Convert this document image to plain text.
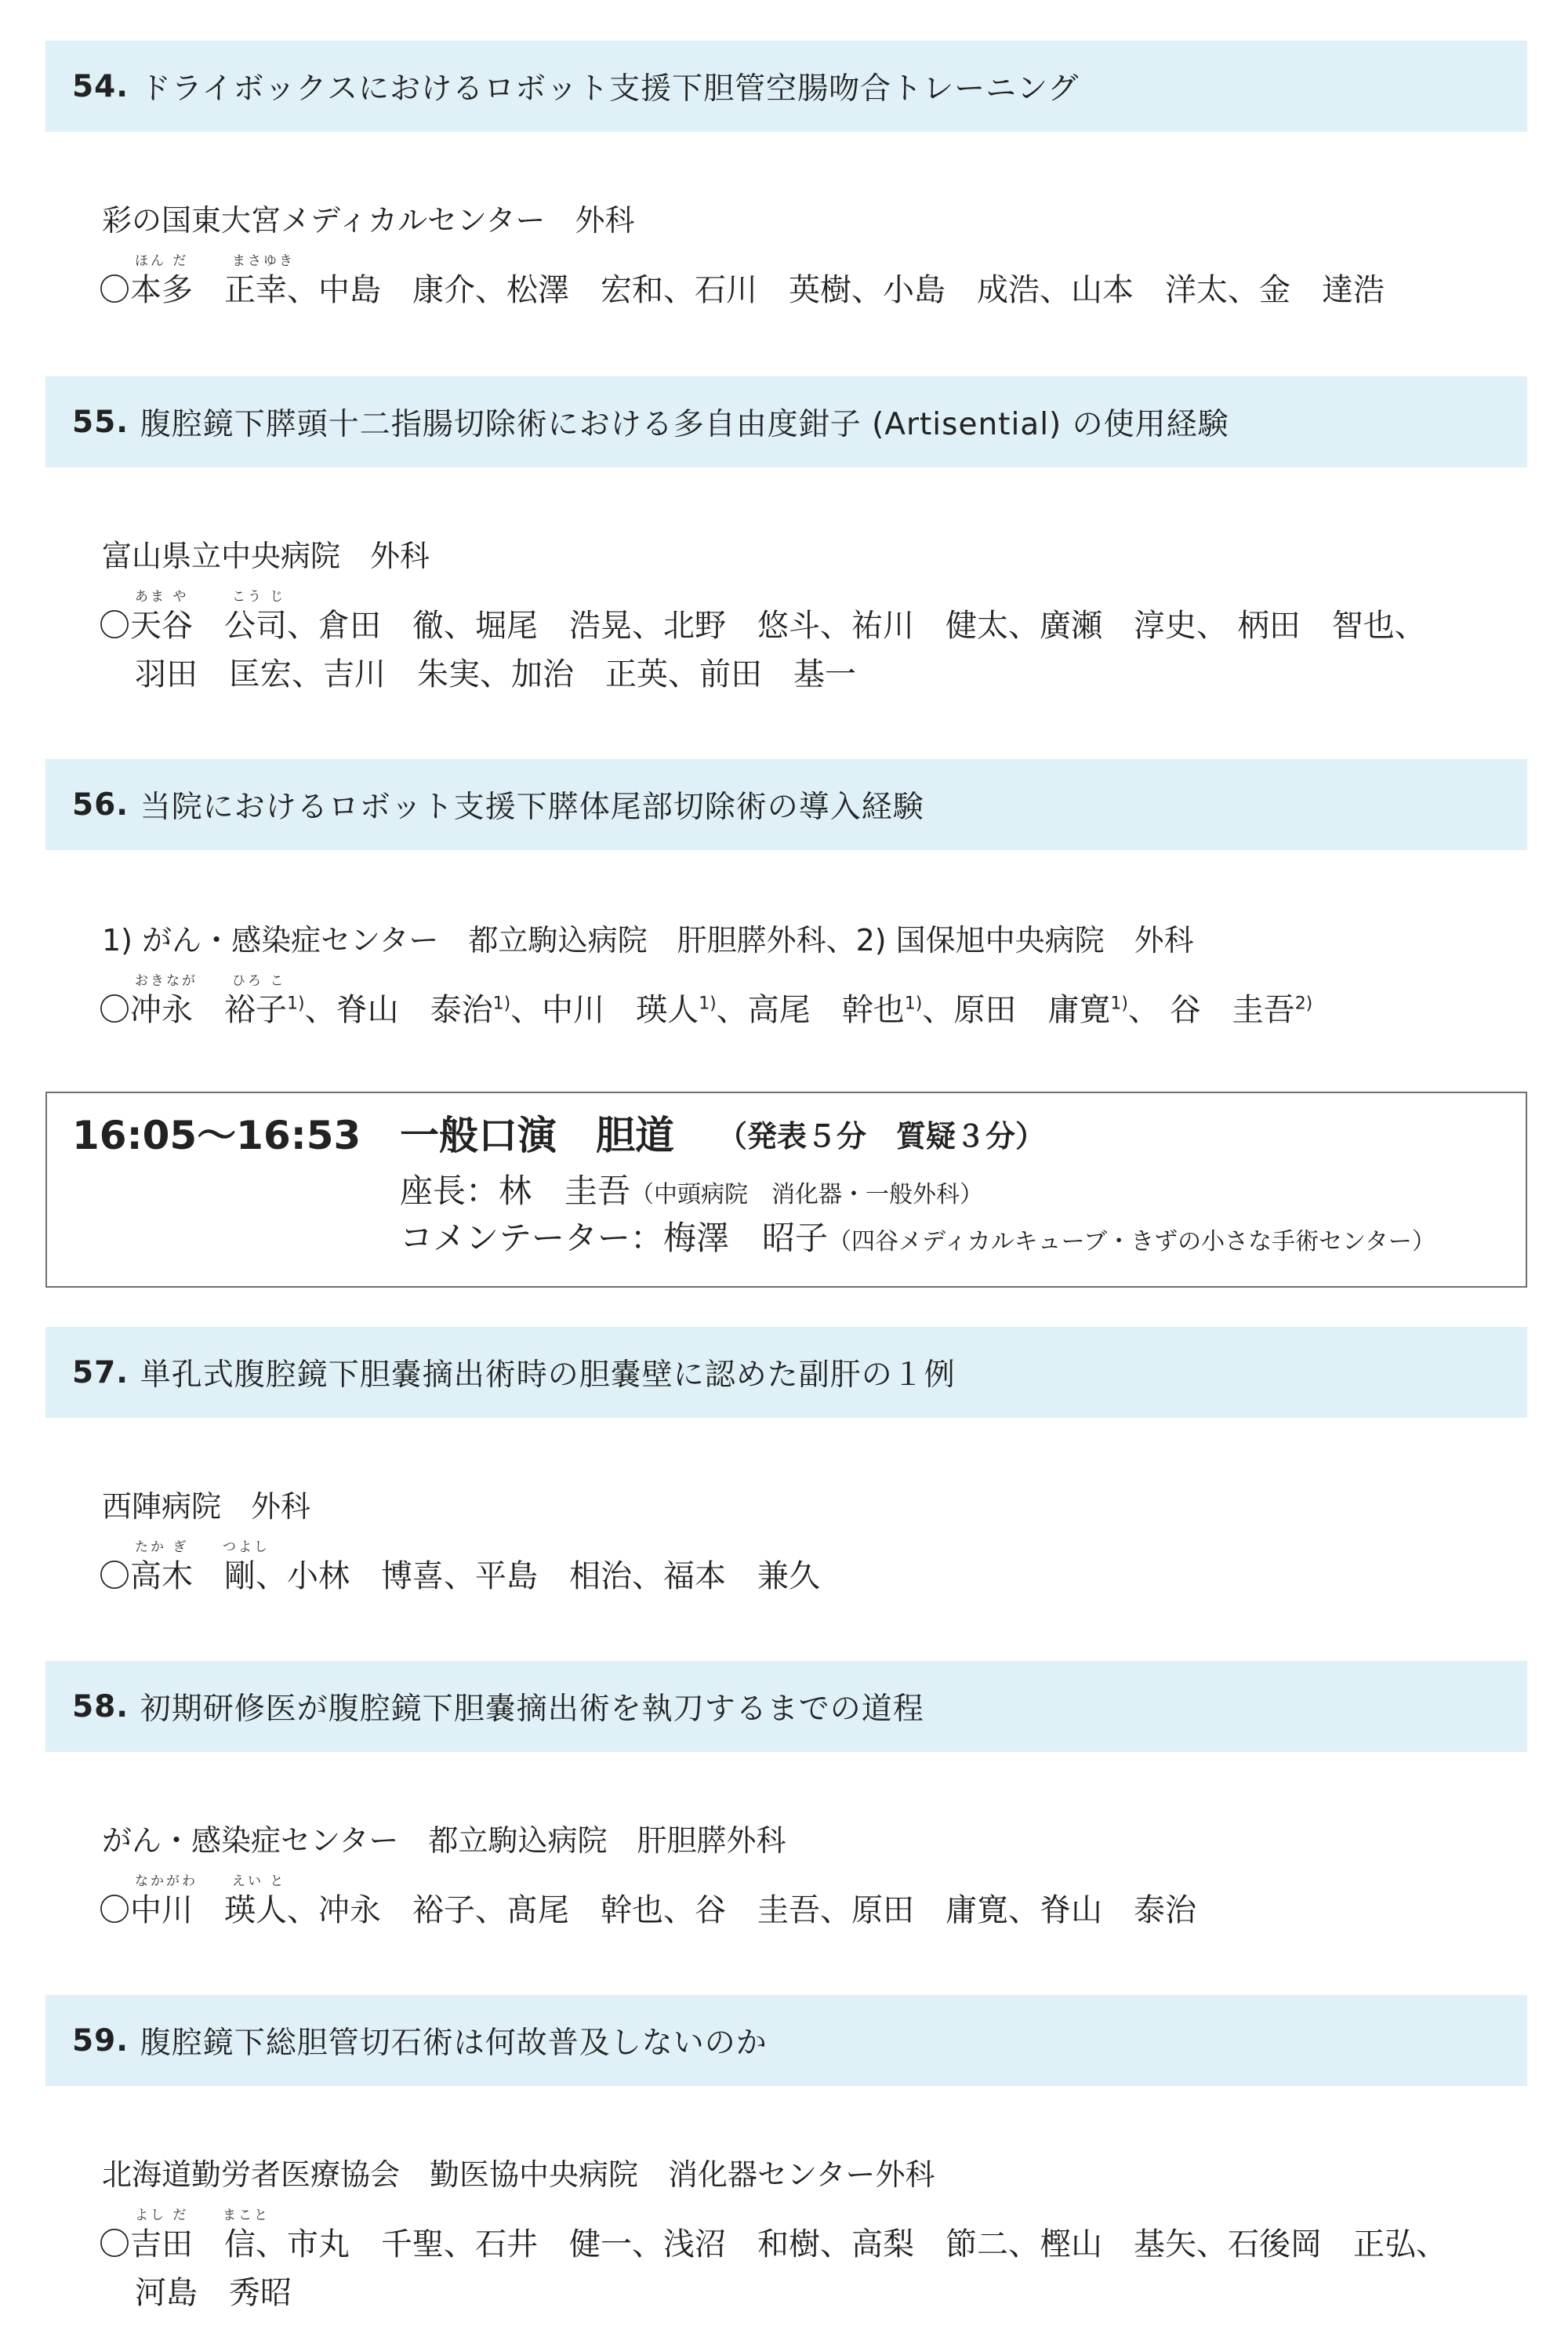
54 . ドライボックスにおけるロボット支援下胆管空腸吻合トレーニング
彩の国東大宮メディカルセンター　外科
ほん だ	まさゆき
〇本多　正幸、中島　康介、松澤　宏和、石川　英樹、小島　成浩、山本　洋太、金　達浩
55 . 腹腔鏡下膵頭十二指腸切除術における多自由度鉗子 (Artisential) の使用経験
富山県立中央病院　外科
あま や	こう じ
〇天谷　公司、倉田　徹、堀尾　浩晃、北野　悠斗、祐川　健太、廣瀬　淳史、 柄田　智也、
羽田　匡宏、吉川　朱実、加治　正英、前田　基一
56 . 当院におけるロボット支援下膵体尾部切除術の導入経験
1) がん・感染症センター　都立駒込病院　肝胆膵外科、2) 国保旭中央病院　外科
おきなが	ひろ こ
〇冲永　裕子$^{1)}$、脊山　泰治$^{1)}$、中川　瑛人$^{1)}$、高尾　幹也$^{1)}$、原田　庸寛$^{1)}$、 谷　圭吾$^{2)}$
16:05〜16:53 一般口演　胆道 （発表５分　質疑３分）
座長：林　圭吾（中頭病院　消化器・一般外科）
コメンテーター：梅澤　昭子（四谷メディカルキューブ・きずの小さな手術センター）
57 . 単孔式腹腔鏡下胆嚢摘出術時の胆嚢壁に認めた副肝の１例
西陣病院　外科
たか ぎ	つよし
〇高木　剛、小林　博喜、平島　相治、福本　兼久
58 . 初期研修医が腹腔鏡下胆嚢摘出術を執刀するまでの道程
がん・感染症センター　都立駒込病院　肝胆膵外科
なかがわ	えい と
〇中川　瑛人、冲永　裕子、髙尾　幹也、谷　圭吾、原田　庸寛、脊山　泰治
59 . 腹腔鏡下総胆管切石術は何故普及しないのか
北海道勤労者医療協会　勤医協中央病院　消化器センター外科
よし だ	まこと
〇吉田　信、市丸　千聖、石井　健一、浅沼　和樹、高梨　節二、樫山　基矢、石後岡　正弘、
河島　秀昭
